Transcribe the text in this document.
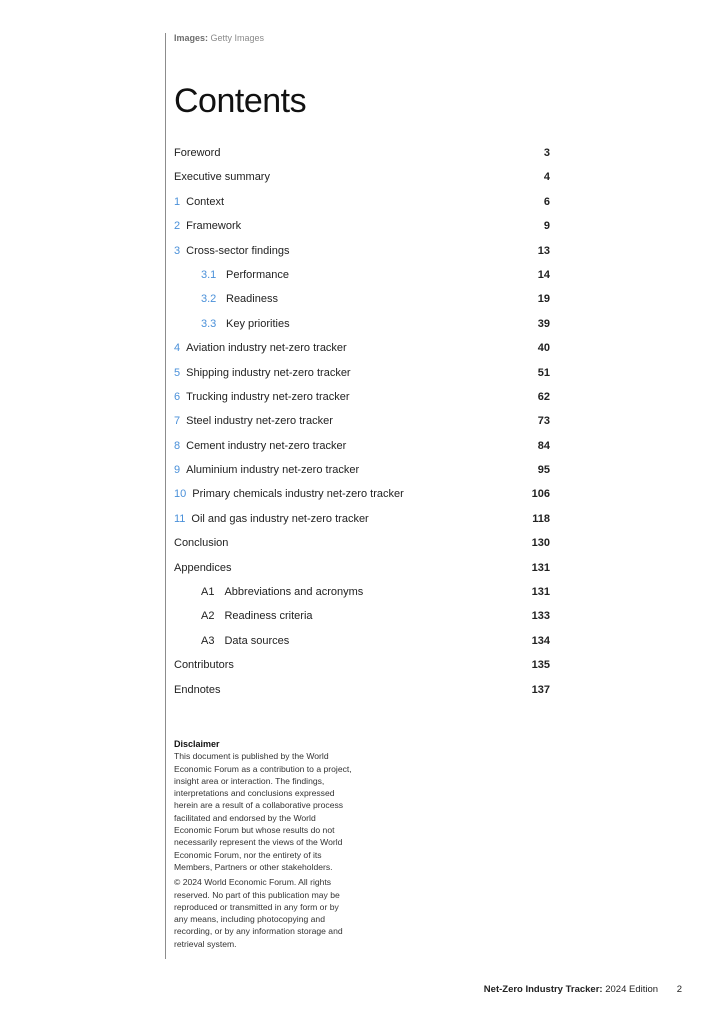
Images: Getty Images
Contents
Foreword	3
Executive summary	4
1 Context	6
2 Framework	9
3 Cross-sector findings	13
3.1 Performance	14
3.2 Readiness	19
3.3 Key priorities	39
4 Aviation industry net-zero tracker	40
5 Shipping industry net-zero tracker	51
6 Trucking industry net-zero tracker	62
7 Steel industry net-zero tracker	73
8 Cement industry net-zero tracker	84
9 Aluminium industry net-zero tracker	95
10 Primary chemicals industry net-zero tracker	106
11 Oil and gas industry net-zero tracker	118
Conclusion	130
Appendices	131
A1 Abbreviations and acronyms	131
A2 Readiness criteria	133
A3 Data sources	134
Contributors	135
Endnotes	137
Disclaimer

This document is published by the World Economic Forum as a contribution to a project, insight area or interaction. The findings, interpretations and conclusions expressed herein are a result of a collaborative process facilitated and endorsed by the World Economic Forum but whose results do not necessarily represent the views of the World Economic Forum, nor the entirety of its Members, Partners or other stakeholders.

© 2024 World Economic Forum. All rights reserved. No part of this publication may be reproduced or transmitted in any form or by any means, including photocopying and recording, or by any information storage and retrieval system.

Net-Zero Industry Tracker: 2024 Edition 2
